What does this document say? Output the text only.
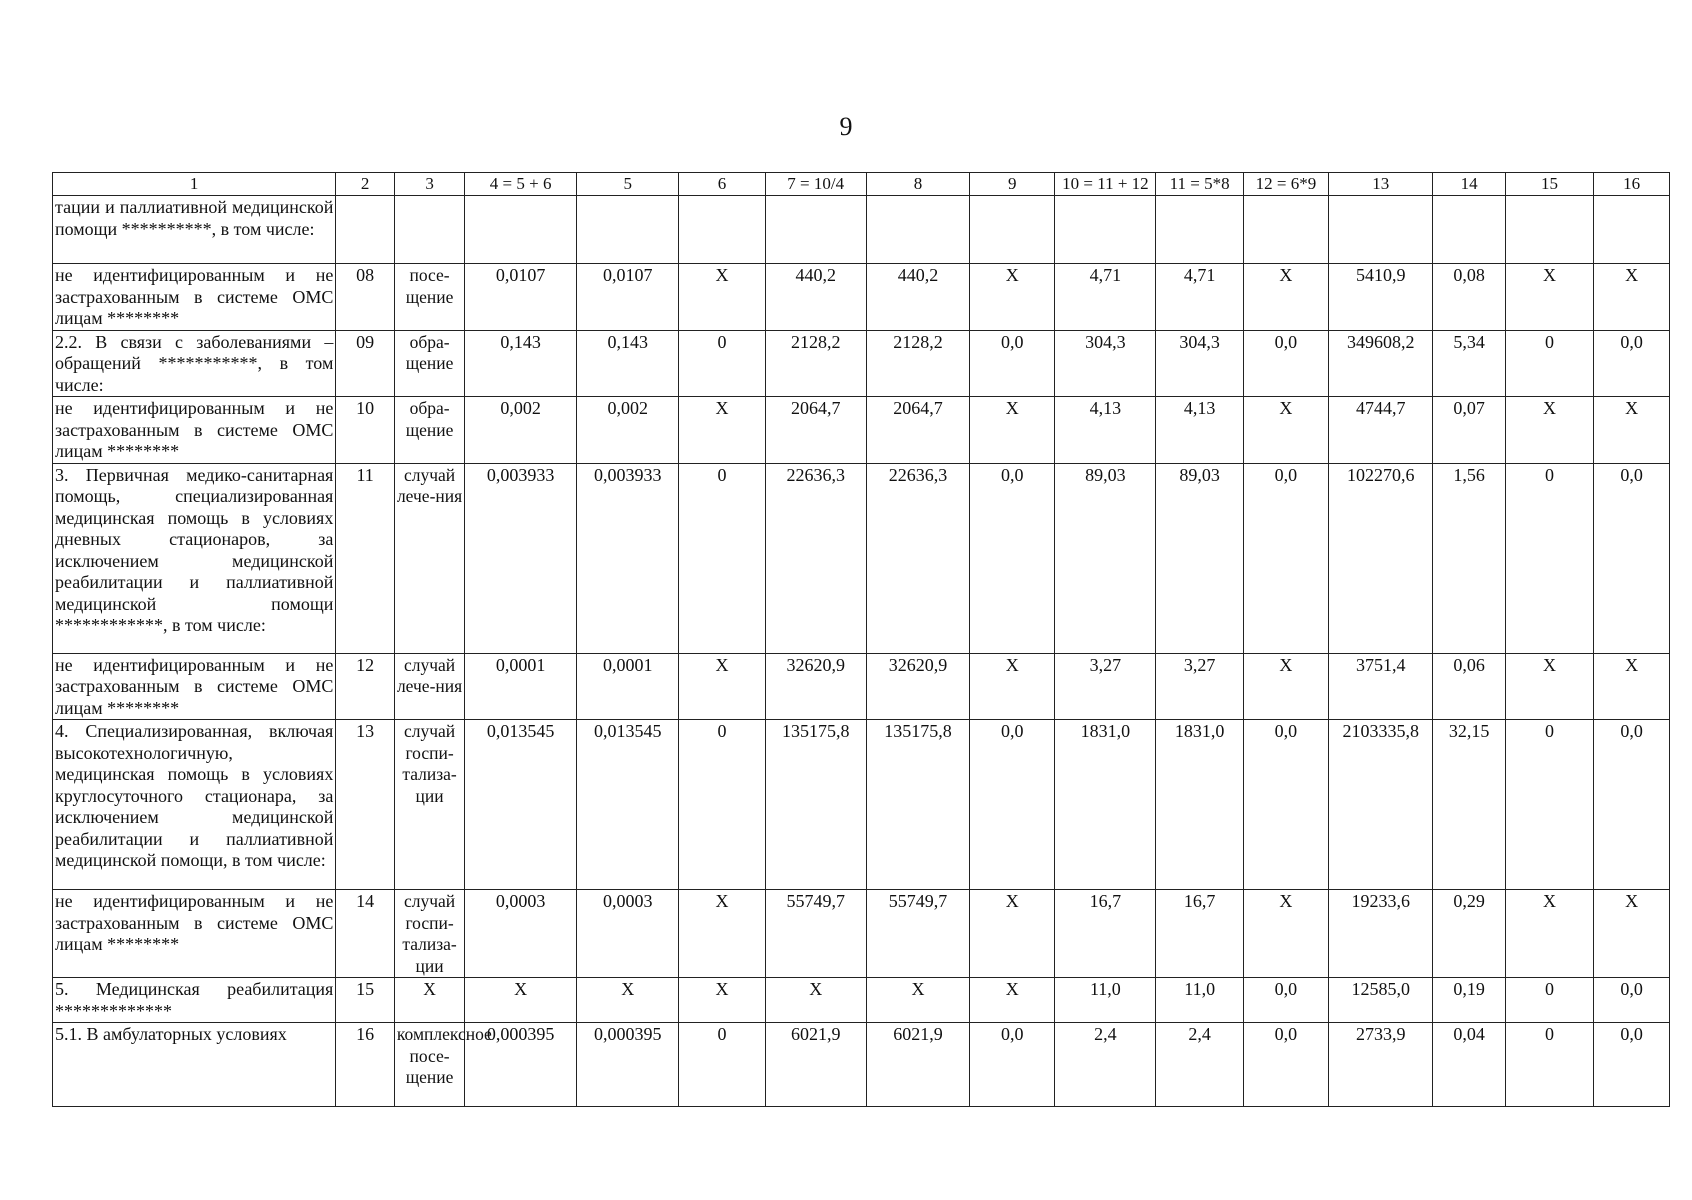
9
1	2	3	4 = 5 + 6	5	6	7 = 10/4	8	9	10 = 11 + 12	11 = 5*8	12 = 6*9	13	14	15	16
тации и паллиативной медицинской помощи **********, в том числе:															
не идентифицированным и не застрахованным в системе ОМС лицам ********	08	посе-щение	0,0107	0,0107	X	440,2	440,2	X	4,71	4,71	X	5410,9	0,08	X	X
2.2. В связи с заболеваниями – обращений ***********, в том числе:	09	обра-щение	0,143	0,143	0	2128,2	2128,2	0,0	304,3	304,3	0,0	349608,2	5,34	0	0,0
не идентифицированным и не застрахованным в системе ОМС лицам ********	10	обра-щение	0,002	0,002	X	2064,7	2064,7	X	4,13	4,13	X	4744,7	0,07	X	X
3. Первичная медико-санитарная помощь, специализированная медицинская помощь в условиях дневных стационаров, за исключением медицинской реабилитации и паллиативной медицинской помощи ************, в том числе:	11	случай лече-ния	0,003933	0,003933	0	22636,3	22636,3	0,0	89,03	89,03	0,0	102270,6	1,56	0	0,0
не идентифицированным и не застрахованным в системе ОМС лицам ********	12	случай лече-ния	0,0001	0,0001	X	32620,9	32620,9	X	3,27	3,27	X	3751,4	0,06	X	X
4. Специализированная, включая высокотехнологичную, медицинская помощь в условиях круглосуточного стационара, за исключением медицинской реабилитации и паллиативной медицинской помощи, в том числе:	13	случай госпи-тализа-ции	0,013545	0,013545	0	135175,8	135175,8	0,0	1831,0	1831,0	0,0	2103335,8	32,15	0	0,0
не идентифицированным и не застрахованным в системе ОМС лицам ********	14	случай госпи-тализа-ции	0,0003	0,0003	X	55749,7	55749,7	X	16,7	16,7	X	19233,6	0,29	X	X
5. Медицинская реабилитация *************	15	X	X	X	X	X	X	X	11,0	11,0	0,0	12585,0	0,19	0	0,0
5.1. В амбулаторных условиях	16	комплексное посе-щение	0,000395	0,000395	0	6021,9	6021,9	0,0	2,4	2,4	0,0	2733,9	0,04	0	0,0
